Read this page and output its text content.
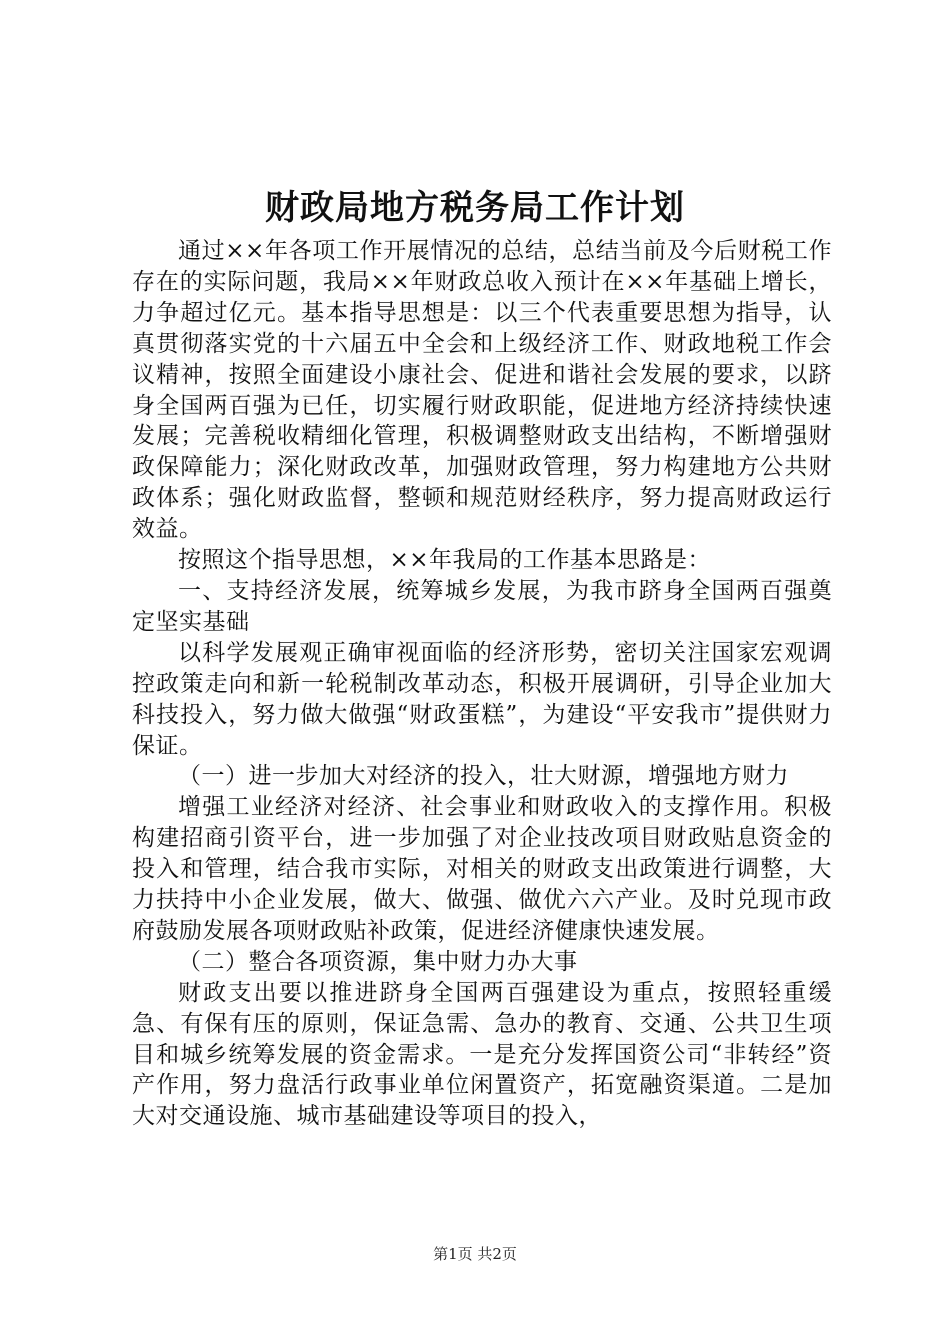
财政局地方税务局工作计划

通过××年各项工作开展情况的总结，总结当前及今后财税工作存在的实际问题，我局××年财政总收入预计在××年基础上增长，力争超过亿元。基本指导思想是：以三个代表重要思想为指导，认真贯彻落实党的十六届五中全会和上级经济工作、财政地税工作会议精神，按照全面建设小康社会、促进和谐社会发展的要求，以跻身全国两百强为已任，切实履行财政职能，促进地方经济持续快速发展；完善税收精细化管理，积极调整财政支出结构，不断增强财政保障能力；深化财政改革，加强财政管理，努力构建地方公共财政体系；强化财政监督，整顿和规范财经秩序，努力提高财政运行效益。

按照这个指导思想，××年我局的工作基本思路是：

一、支持经济发展，统筹城乡发展，为我市跻身全国两百强奠定坚实基础

以科学发展观正确审视面临的经济形势，密切关注国家宏观调控政策走向和新一轮税制改革动态，积极开展调研，引导企业加大科技投入，努力做大做强“财政蛋糕”，为建设“平安我市”提供财力保证。

（一）进一步加大对经济的投入，壮大财源，增强地方财力

增强工业经济对经济、社会事业和财政收入的支撑作用。积极构建招商引资平台，进一步加强了对企业技改项目财政贴息资金的投入和管理，结合我市实际，对相关的财政支出政策进行调整，大力扶持中小企业发展，做大、做强、做优六六产业。及时兑现市政府鼓励发展各项财政贴补政策，促进经济健康快速发展。

（二）整合各项资源，集中财力办大事

财政支出要以推进跻身全国两百强建设为重点，按照轻重缓急、有保有压的原则，保证急需、急办的教育、交通、公共卫生项目和城乡统筹发展的资金需求。一是充分发挥国资公司“非转经”资产作用，努力盘活行政事业单位闲置资产，拓宽融资渠道。二是加大对交通设施、城市基础建设等项目的投入，

第1页 共2页
